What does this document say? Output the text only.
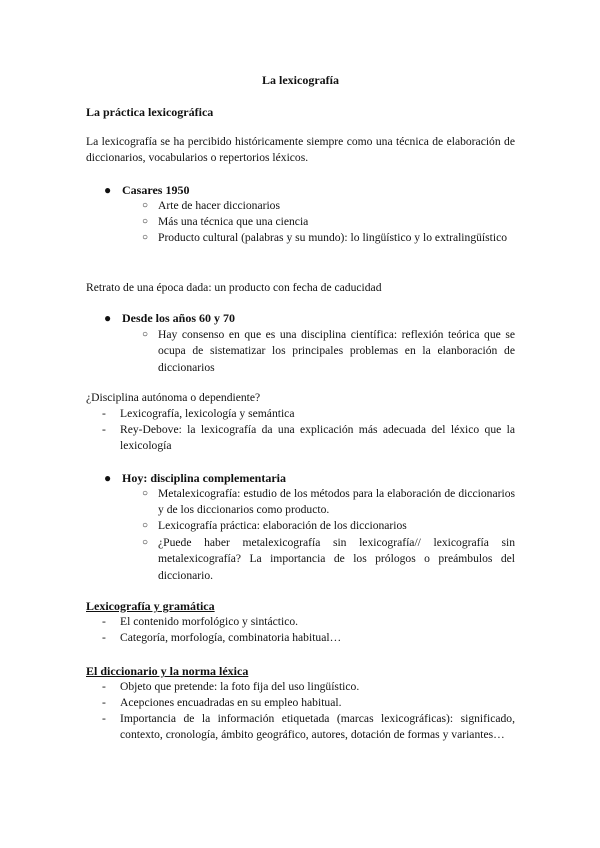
La lexicografía
La práctica lexicográfica
La lexicografía se ha percibido históricamente siempre como una técnica de elaboración de diccionarios, vocabularios o repertorios léxicos.
● Casares 1950
○ Arte de hacer diccionarios
○ Más una técnica que una ciencia
○ Producto cultural (palabras y su mundo): lo lingüístico y lo extralingüístico
Retrato de una época dada: un producto con fecha de caducidad
● Desde los años 60 y 70
○ Hay consenso en que es una disciplina científica: reflexión teórica que se ocupa de sistematizar los principales problemas en la elanboración de diccionarios
¿Disciplina autónoma o dependiente?
- Lexicografía, lexicología y semántica
- Rey-Debove: la lexicografía da una explicación más adecuada del léxico que la lexicología
● Hoy: disciplina complementaria
○ Metalexicografía: estudio de los métodos para la elaboración de diccionarios y de los diccionarios como producto.
○ Lexicografía práctica: elaboración de los diccionarios
○ ¿Puede haber metalexicografía sin lexicografía// lexicografía sin metalexicografía? La importancia de los prólogos o preámbulos del diccionario.
Lexicografía y gramática
- El contenido morfológico y sintáctico.
- Categoría, morfología, combinatoria habitual…
El diccionario y la norma léxica
- Objeto que pretende: la foto fija del uso lingüístico.
- Acepciones encuadradas en su empleo habitual.
- Importancia de la información etiquetada (marcas lexicográficas): significado, contexto, cronología, ámbito geográfico, autores, dotación de formas y variantes…
